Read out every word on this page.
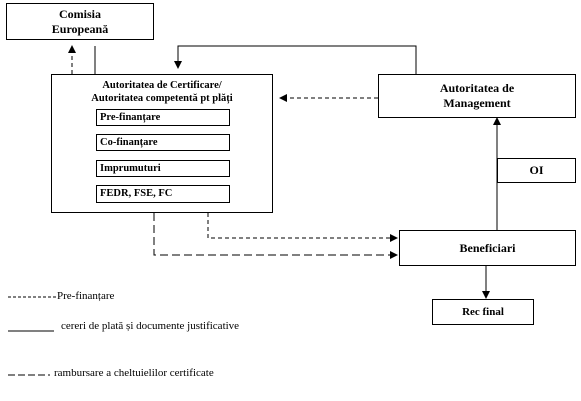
Comisia
Europeană
Autoritatea de Certificare/
Autoritatea competentă pt plăți
Pre-finanțare
Co-finanțare
Imprumuturi
FEDR, FSE, FC
Autoritatea de
Management
OI
Beneficiari
Rec final
Pre-finanțare
cereri de plată și documente justificative
rambursare a cheltuielilor certificate
